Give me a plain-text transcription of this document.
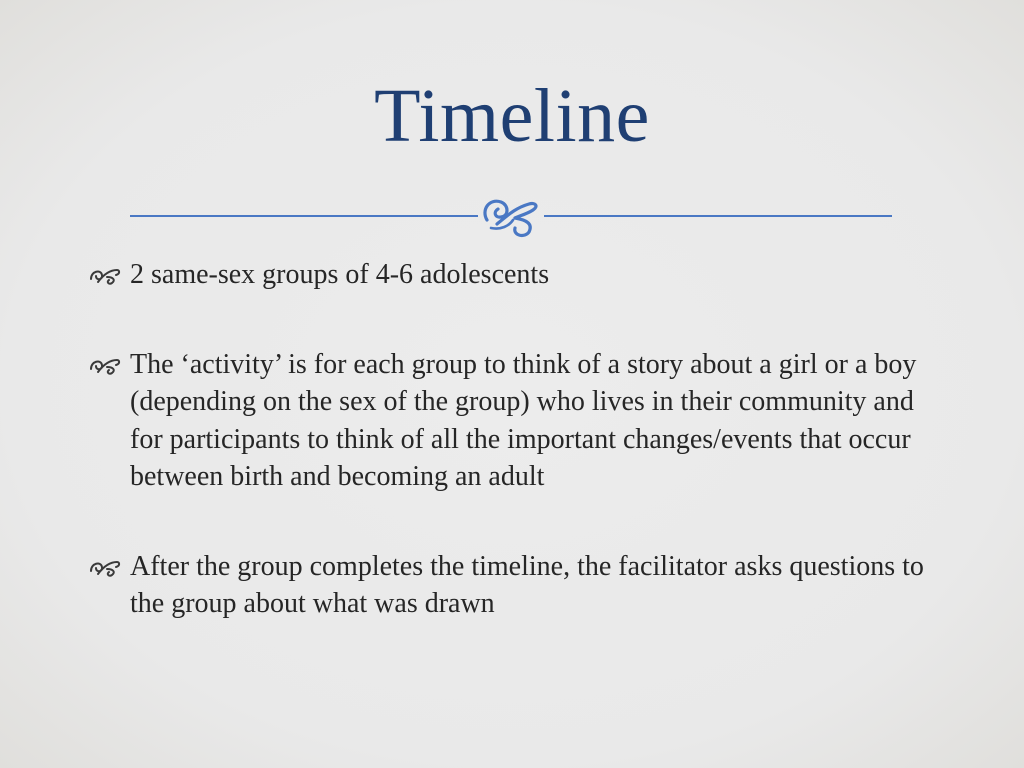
Timeline
2 same-sex groups of 4-6 adolescents
The ‘activity’ is for each group to think of a story about a girl or a boy (depending on the sex of the group) who lives in their community and for participants to think of all the important changes/events that occur between birth and becoming an adult
After the group completes the timeline, the facilitator asks questions to the group about what was drawn
